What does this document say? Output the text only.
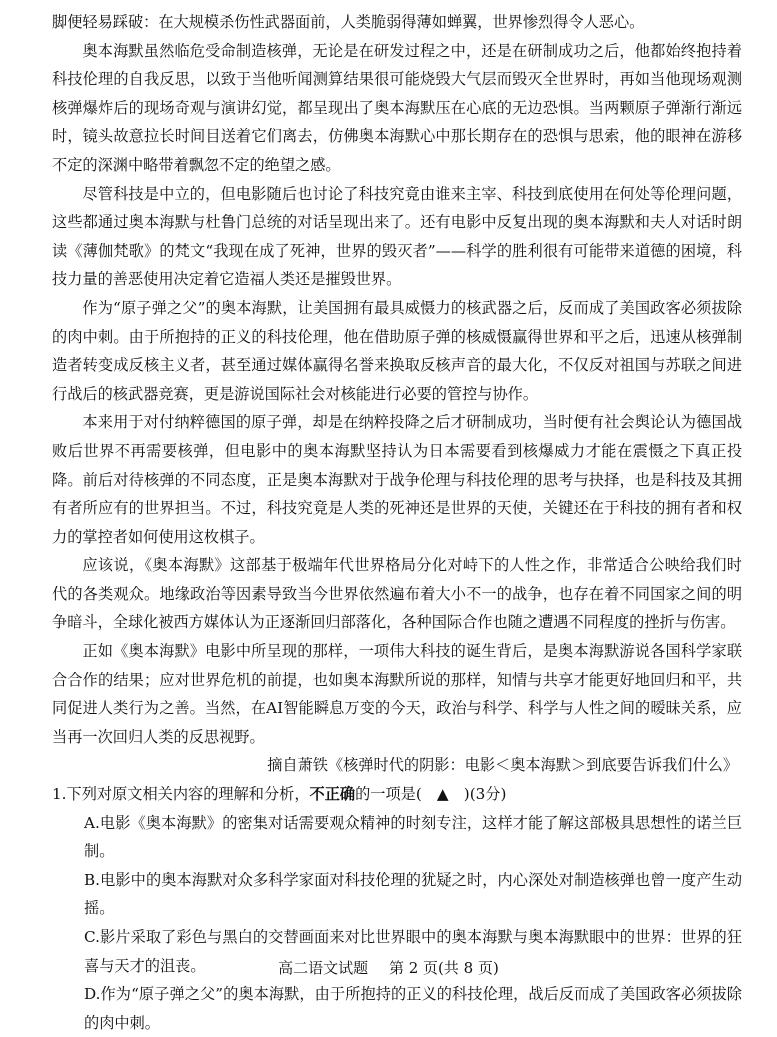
脚便轻易踩破：在大规模杀伤性武器面前，人类脆弱得薄如蝉翼，世界惨烈得令人恶心。

奥本海默虽然临危受命制造核弹，无论是在研发过程之中，还是在研制成功之后，他都始终抱持着科技伦理的自我反思，以致于当他听闻测算结果很可能烧毁大气层而毁灭全世界时，再如当他现场观测核弹爆炸后的现场奇观与演讲幻觉，都呈现出了奥本海默压在心底的无边恐惧。当两颗原子弹渐行渐远时，镜头故意拉长时间目送着它们离去，仿佛奥本海默心中那长期存在的恐惧与思索，他的眼神在游移不定的深渊中略带着飘忽不定的绝望之感。

尽管科技是中立的，但电影随后也讨论了科技究竟由谁来主宰、科技到底使用在何处等伦理问题，这些都通过奥本海默与杜鲁门总统的对话呈现出来了。还有电影中反复出现的奥本海默和夫人对话时朗读《薄伽梵歌》的梵文“我现在成了死神，世界的毁灭者”——科学的胜利很有可能带来道德的困境，科技力量的善恶使用决定着它造福人类还是摧毁世界。

作为“原子弹之父”的奥本海默，让美国拥有最具威慑力的核武器之后，反而成了美国政客必须拔除的肉中刺。由于所抱持的正义的科技伦理，他在借助原子弹的核威慑赢得世界和平之后，迅速从核弹制造者转变成反核主义者，甚至通过媒体赢得名誉来换取反核声音的最大化，不仅反对祖国与苏联之间进行战后的核武器竞赛，更是游说国际社会对核能进行必要的管控与协作。

本来用于对付纳粹德国的原子弹，却是在纳粹投降之后才研制成功，当时便有社会舆论认为德国战败后世界不再需要核弹，但电影中的奥本海默坚持认为日本需要看到核爆威力才能在震慑之下真正投降。前后对待核弹的不同态度，正是奥本海默对于战争伦理与科技伦理的思考与抉择，也是科技及其拥有者所应有的世界担当。不过，科技究竟是人类的死神还是世界的天使，关键还在于科技的拥有者和权力的掌控者如何使用这枚棋子。

应该说，《奥本海默》这部基于极端年代世界格局分化对峙下的人性之作，非常适合公映给我们时代的各类观众。地缘政治等因素导致当今世界依然遍布着大小不一的战争，也存在着不同国家之间的明争暗斗，全球化被西方媒体认为正逐渐回归部落化，各种国际合作也随之遭遇不同程度的挫折与伤害。

正如《奥本海默》电影中所呈现的那样，一项伟大科技的诞生背后，是奥本海默游说各国科学家联合合作的结果；应对世界危机的前提，也如奥本海默所说的那样，知情与共享才能更好地回归和平，共同促进人类行为之善。当然，在AI智能瞬息万变的今天，政治与科学、科学与人性之间的暧昧关系，应当再一次回归人类的反思视野。

摘自萧铁《核弹时代的阴影：电影＜奥本海默＞到底要告诉我们什么》

1.下列对原文相关内容的理解和分析，不正确的一项是(　▲　)(3分)

A.电影《奥本海默》的密集对话需要观众精神的时刻专注，这样才能了解这部极具思想性的诺兰巨制。
B.电影中的奥本海默对众多科学家面对科技伦理的犹疑之时，内心深处对制造核弹也曾一度产生动摇。
C.影片采取了彩色与黑白的交替画面来对比世界眼中的奥本海默与奥本海默眼中的世界：世界的狂喜与天才的沮丧。
D.作为“原子弹之父”的奥本海默，由于所抱持的正义的科技伦理，战后反而成了美国政客必须拔除的肉中刺。
高二语文试题 第 2 页(共 8 页)
